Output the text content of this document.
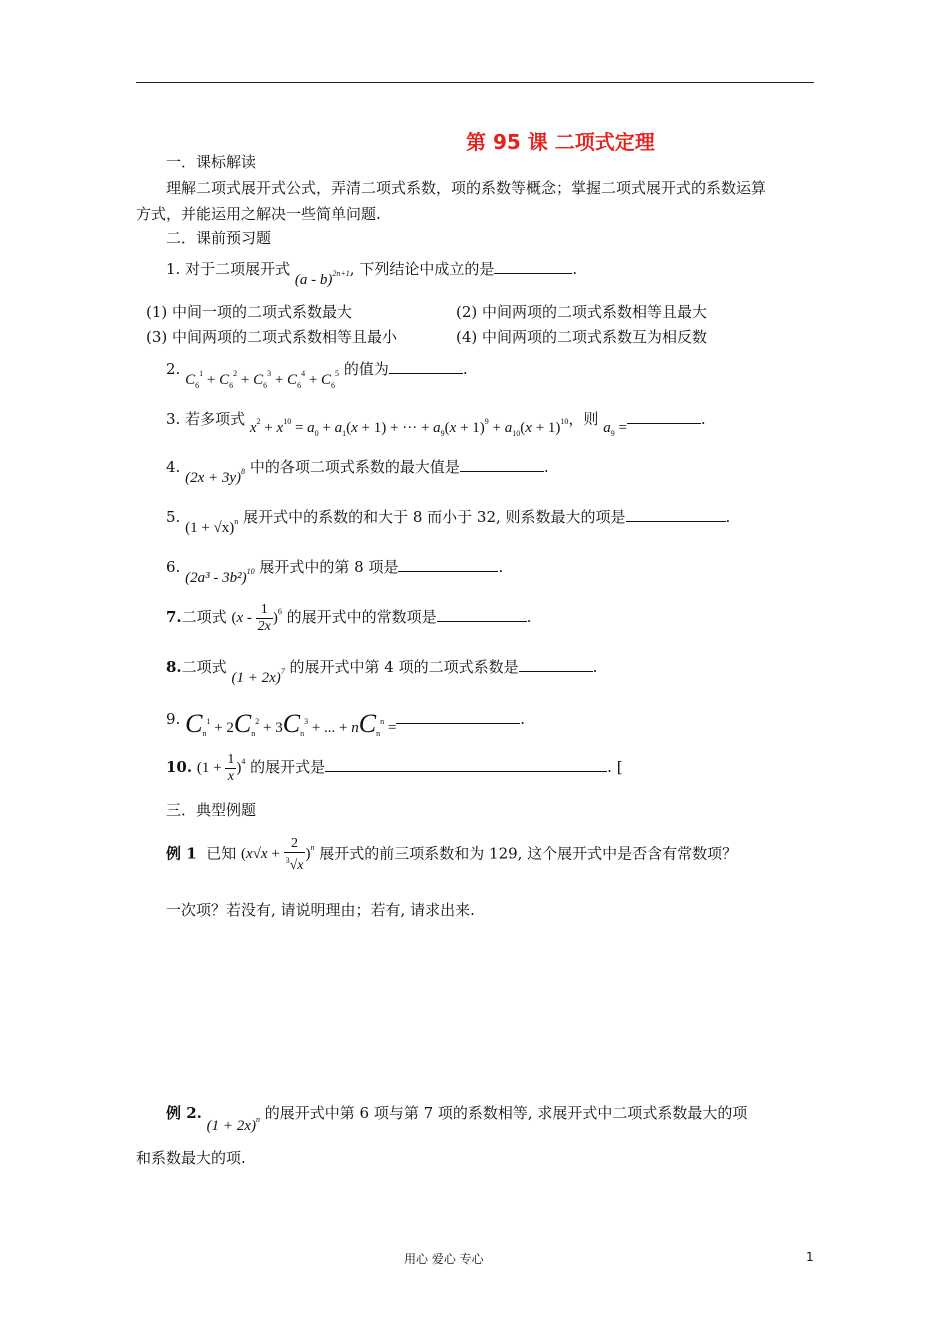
第 95 课 二项式定理
一．课标解读
理解二项式展开式公式，弄清二项式系数，项的系数等概念；掌握二项式展开式的系数运算
方式，并能运用之解决一些简单问题.
二．课前预习题
1. 对于二项展开式 (a - b)$^{2n+1}$, 下列结论中成立的是	.
(1) 中间一项的二项式系数最大	(2) 中间两项的二项式系数相等且最大
(3) 中间两项的二项式系数相等且最小	(4) 中间两项的二项式系数互为相反数
2. $C_6^1 + C_6^2 + C_6^3 + C_6^4 + C_6^5$ 的值为	.
3. 若多项式 $x^2 + x^{10} = a_0 + a_1(x + 1)$ + ··· + $a_9(x + 1)^9 + a_{10}(x + 1)^{10}$，则 $a_9$ =	.
4. $(2x + 3y)^8$ 中的各项二项式系数的最大值是	.
5. $(1 + √x)^n$ 展开式中的系数的和大于 8 而小于 32, 则系数最大的项是	.
6. (2a³ - 3b²)$^{10}$ 展开式中的第 8 项是	.
7.二项式 $(x - \frac{1}{2x} )^6$ 的展开式中的常数项是	.
8.二项式 $(1 + 2x)^7$ 的展开式中第 4 项的二项式系数是	.
9. $C_n^1 + 2C_n^2 + 3C_n^3$ + ... + $nC_n^n$ =	.
10. $(1 + \frac{1}{x} )^4$ 的展开式是	. [
三．典型例题
例 1 已知 $(x√x + \frac{2}{^3√x} )^n$ 展开式的前三项系数和为 129, 这个展开式中是否含有常数项？
一次项？若没有, 请说明理由；若有, 请求出来.
例 2. $(1 + 2x)^n$ 的展开式中第 6 项与第 7 项的系数相等, 求展开式中二项式系数最大的项
和系数最大的项.
用心 爱心 专心	1
